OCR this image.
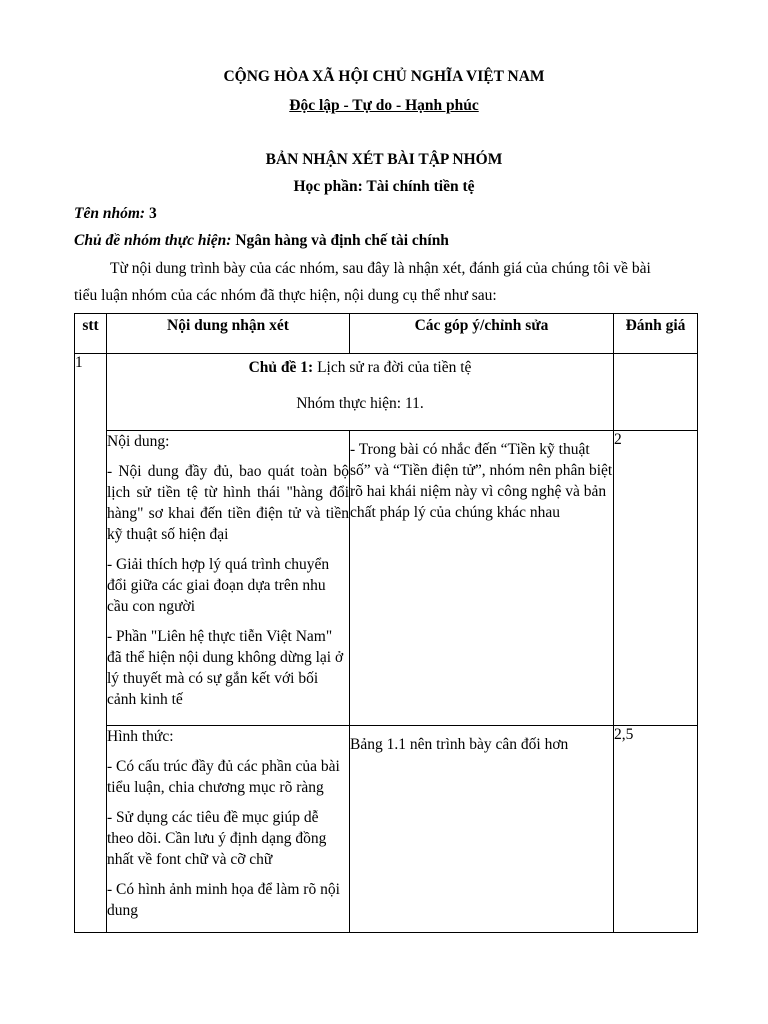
CỘNG HÒA XÃ HỘI CHỦ NGHĨA VIỆT NAM
Độc lập - Tự do - Hạnh phúc
BẢN NHẬN XÉT BÀI TẬP NHÓM
Học phần: Tài chính tiền tệ
Tên nhóm: 3
Chủ đề nhóm thực hiện: Ngân hàng và định chế tài chính
Từ nội dung trình bày của các nhóm, sau đây là nhận xét, đánh giá của chúng tôi về bài
tiểu luận nhóm của các nhóm đã thực hiện, nội dung cụ thể như sau:
stt	Nội dung nhận xét	Các góp ý/chỉnh sửa	Đánh giá
1	Chủ đề 1: Lịch sử ra đời của tiền tệ
Nhóm thực hiện: 11.		

	Nội dung:
- Nội dung đầy đủ, bao quát toàn bộ lịch sử tiền tệ từ hình thái "hàng đổi hàng" sơ khai đến tiền điện tử và tiền kỹ thuật số hiện đại
- Giải thích hợp lý quá trình chuyển đổi giữa các giai đoạn dựa trên nhu cầu con người
- Phần "Liên hệ thực tiễn Việt Nam" đã thể hiện nội dung không dừng lại ở lý thuyết mà có sự gắn kết với bối cảnh kinh tế	- Trong bài có nhắc đến “Tiền kỹ thuật số” và “Tiền điện tử”, nhóm nên phân biệt rõ hai khái niệm này vì công nghệ và bản chất pháp lý của chúng khác nhau	2

	Hình thức:
- Có cấu trúc đầy đủ các phần của bài tiểu luận, chia chương mục rõ ràng
- Sử dụng các tiêu đề mục giúp dễ theo dõi. Cần lưu ý định dạng đồng nhất về font chữ và cỡ chữ
- Có hình ảnh minh họa để làm rõ nội dung	Bảng 1.1 nên trình bày cân đối hơn	2,5
